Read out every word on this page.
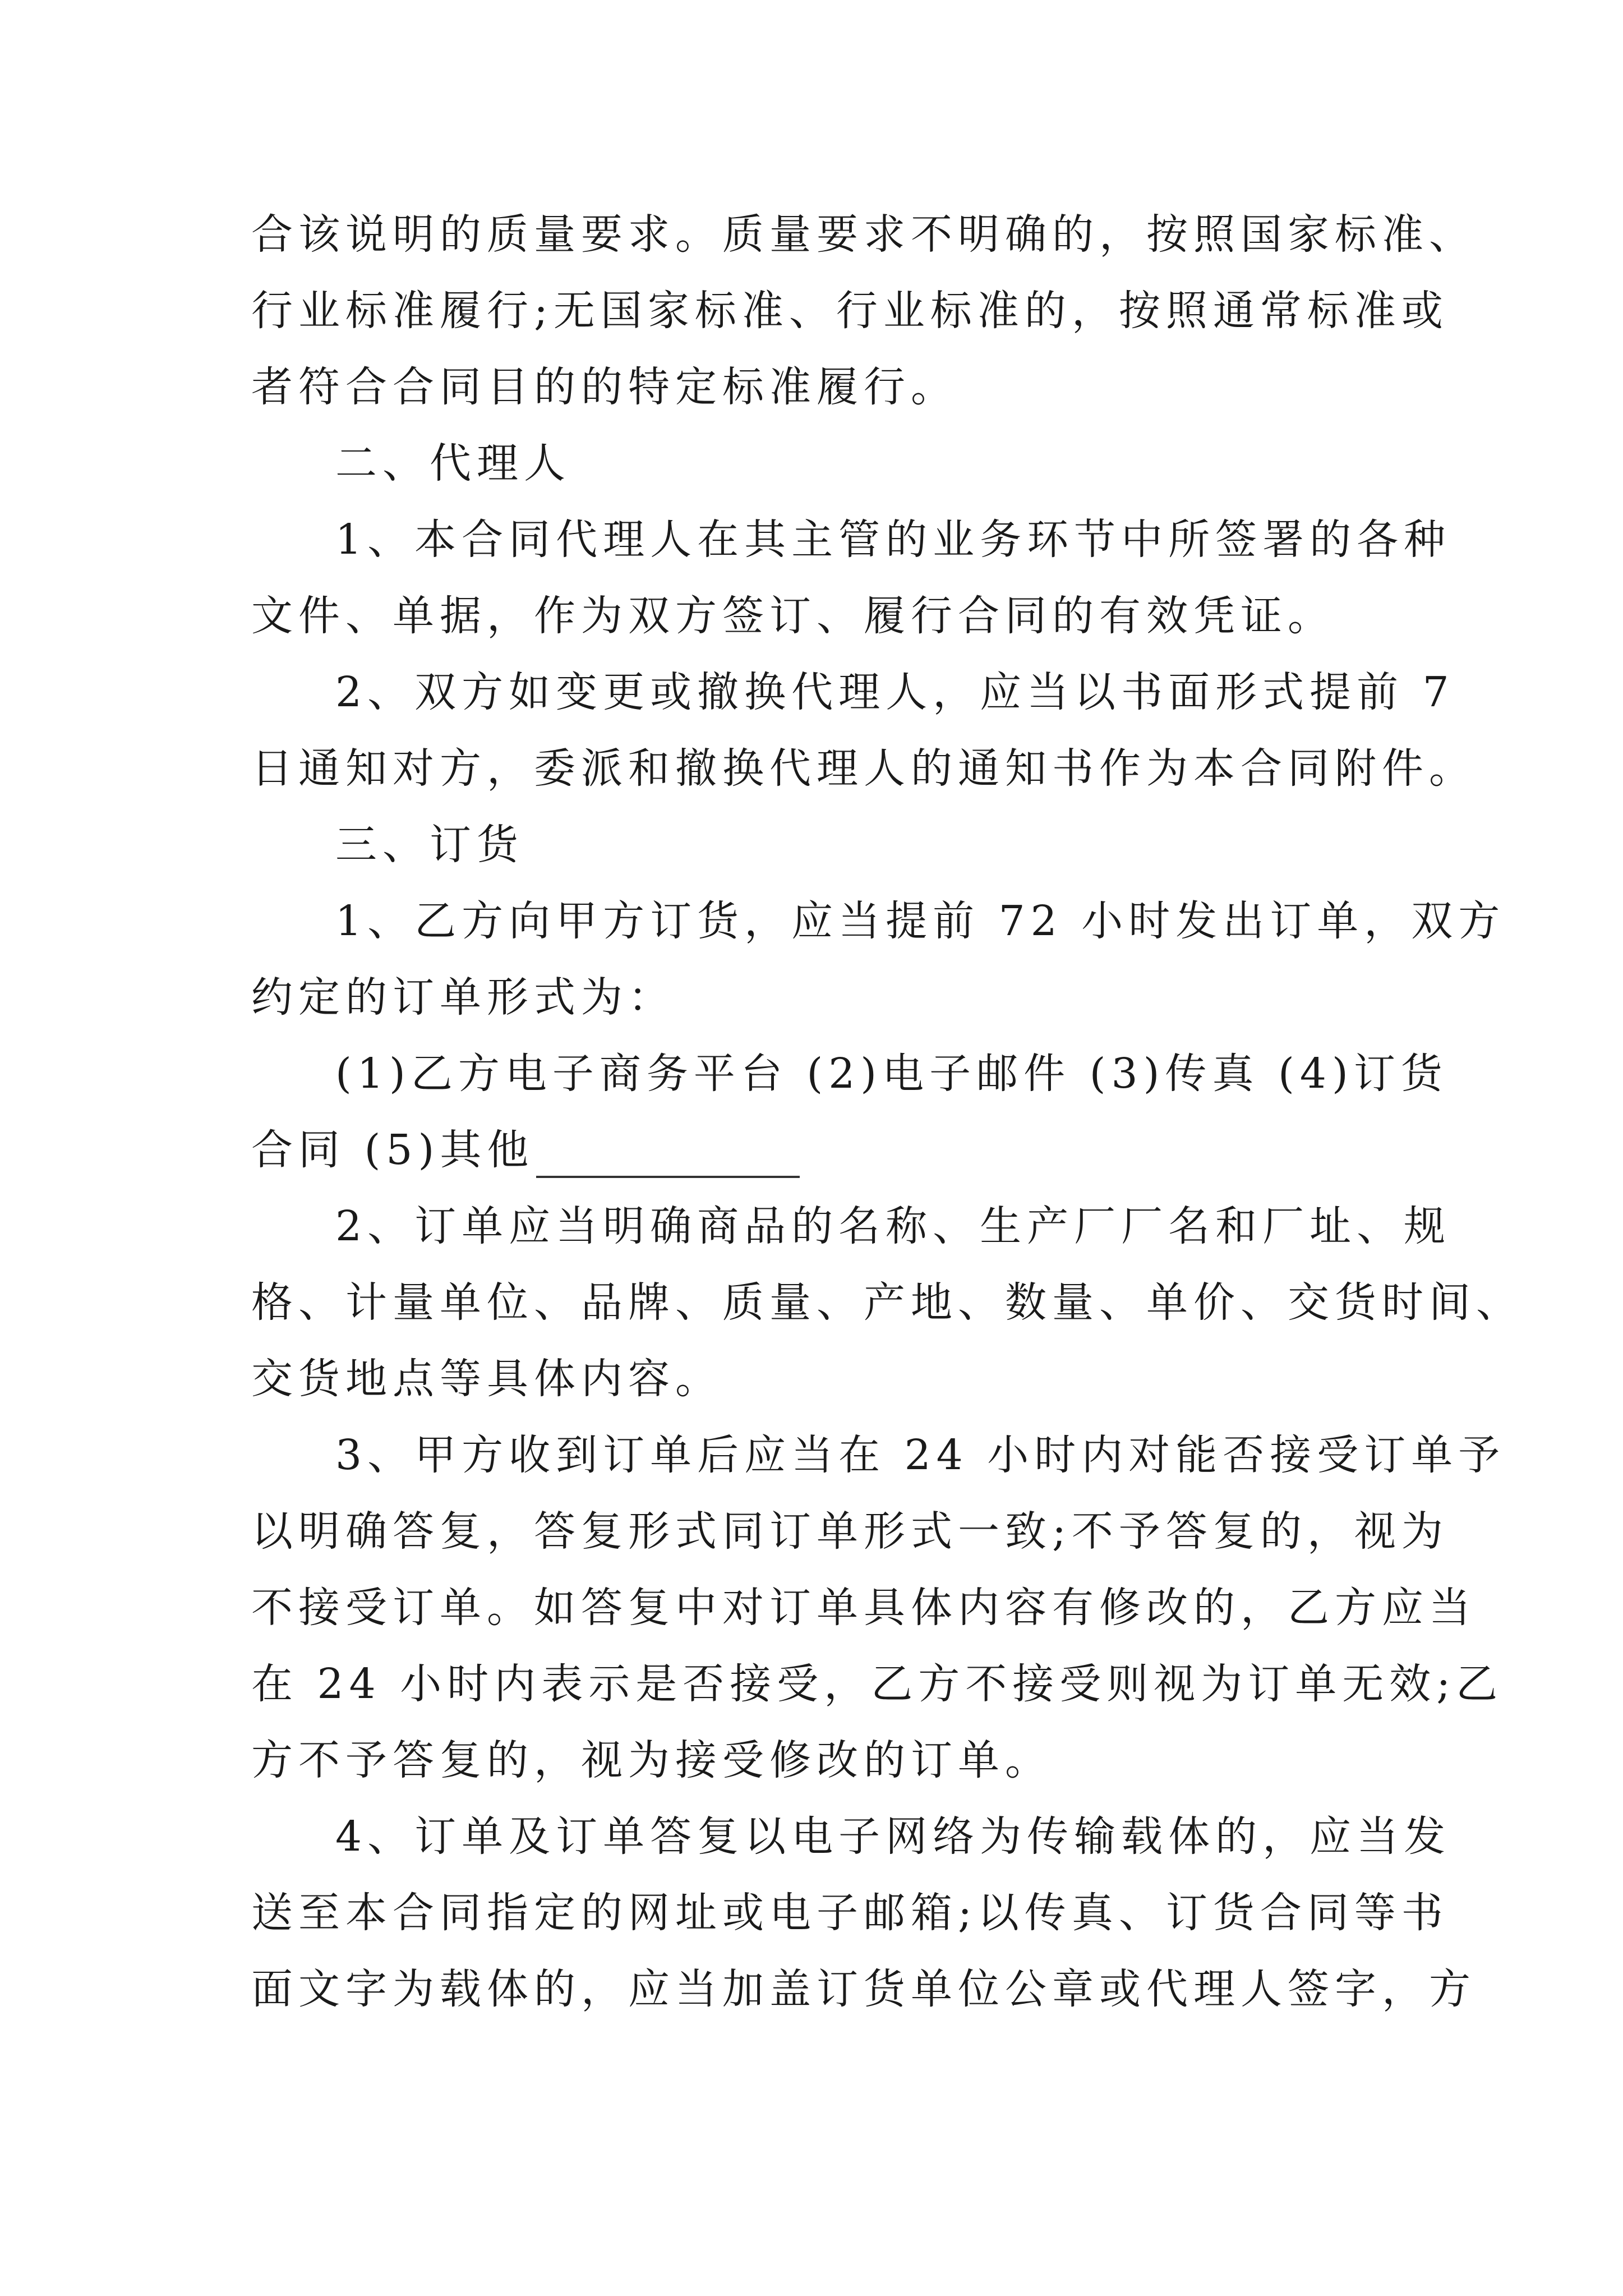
合该说明的质量要求。质量要求不明确的，按照国家标准、
行业标准履行;无国家标准、行业标准的，按照通常标准或
者符合合同目的的特定标准履行。
二、代理人
1、本合同代理人在其主管的业务环节中所签署的各种
文件、单据，作为双方签订、履行合同的有效凭证。
2、双方如变更或撤换代理人，应当以书面形式提前 7
日通知对方，委派和撤换代理人的通知书作为本合同附件。
三、订货
1、乙方向甲方订货，应当提前 72 小时发出订单，双方
约定的订单形式为：
(1)乙方电子商务平台 (2)电子邮件 (3)传真 (4)订货
合同 (5)其他
2、订单应当明确商品的名称、生产厂厂名和厂址、规
格、计量单位、品牌、质量、产地、数量、单价、交货时间、
交货地点等具体内容。
3、甲方收到订单后应当在 24 小时内对能否接受订单予
以明确答复，答复形式同订单形式一致;不予答复的，视为
不接受订单。如答复中对订单具体内容有修改的，乙方应当
在 24 小时内表示是否接受，乙方不接受则视为订单无效;乙
方不予答复的，视为接受修改的订单。
4、订单及订单答复以电子网络为传输载体的，应当发
送至本合同指定的网址或电子邮箱;以传真、订货合同等书
面文字为载体的，应当加盖订货单位公章或代理人签字，方
